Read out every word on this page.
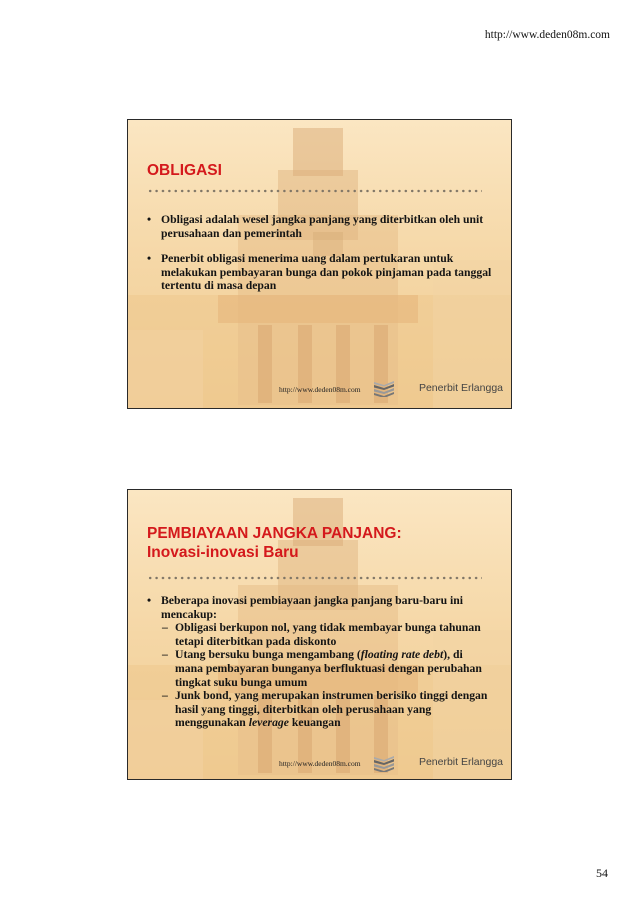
http://www.deden08m.com
OBLIGASI
• Obligasi adalah wesel jangka panjang yang diterbitkan oleh unit perusahaan dan pemerintah
• Penerbit obligasi menerima uang dalam pertukaran untuk melakukan pembayaran bunga dan pokok pinjaman pada tanggal tertentu di masa depan
http://www.deden08m.com	Penerbit Erlangga
PEMBIAYAAN JANGKA PANJANG:
Inovasi-inovasi Baru
• Beberapa inovasi pembiayaan jangka panjang baru-baru ini mencakup:
– Obligasi berkupon nol, yang tidak membayar bunga tahunan tetapi diterbitkan pada diskonto
– Utang bersuku bunga mengambang (floating rate debt), di mana pembayaran bunganya berfluktuasi dengan perubahan tingkat suku bunga umum
– Junk bond, yang merupakan instrumen berisiko tinggi dengan hasil yang tinggi, diterbitkan oleh perusahaan yang menggunakan leverage keuangan
http://www.deden08m.com	Penerbit Erlangga
54
